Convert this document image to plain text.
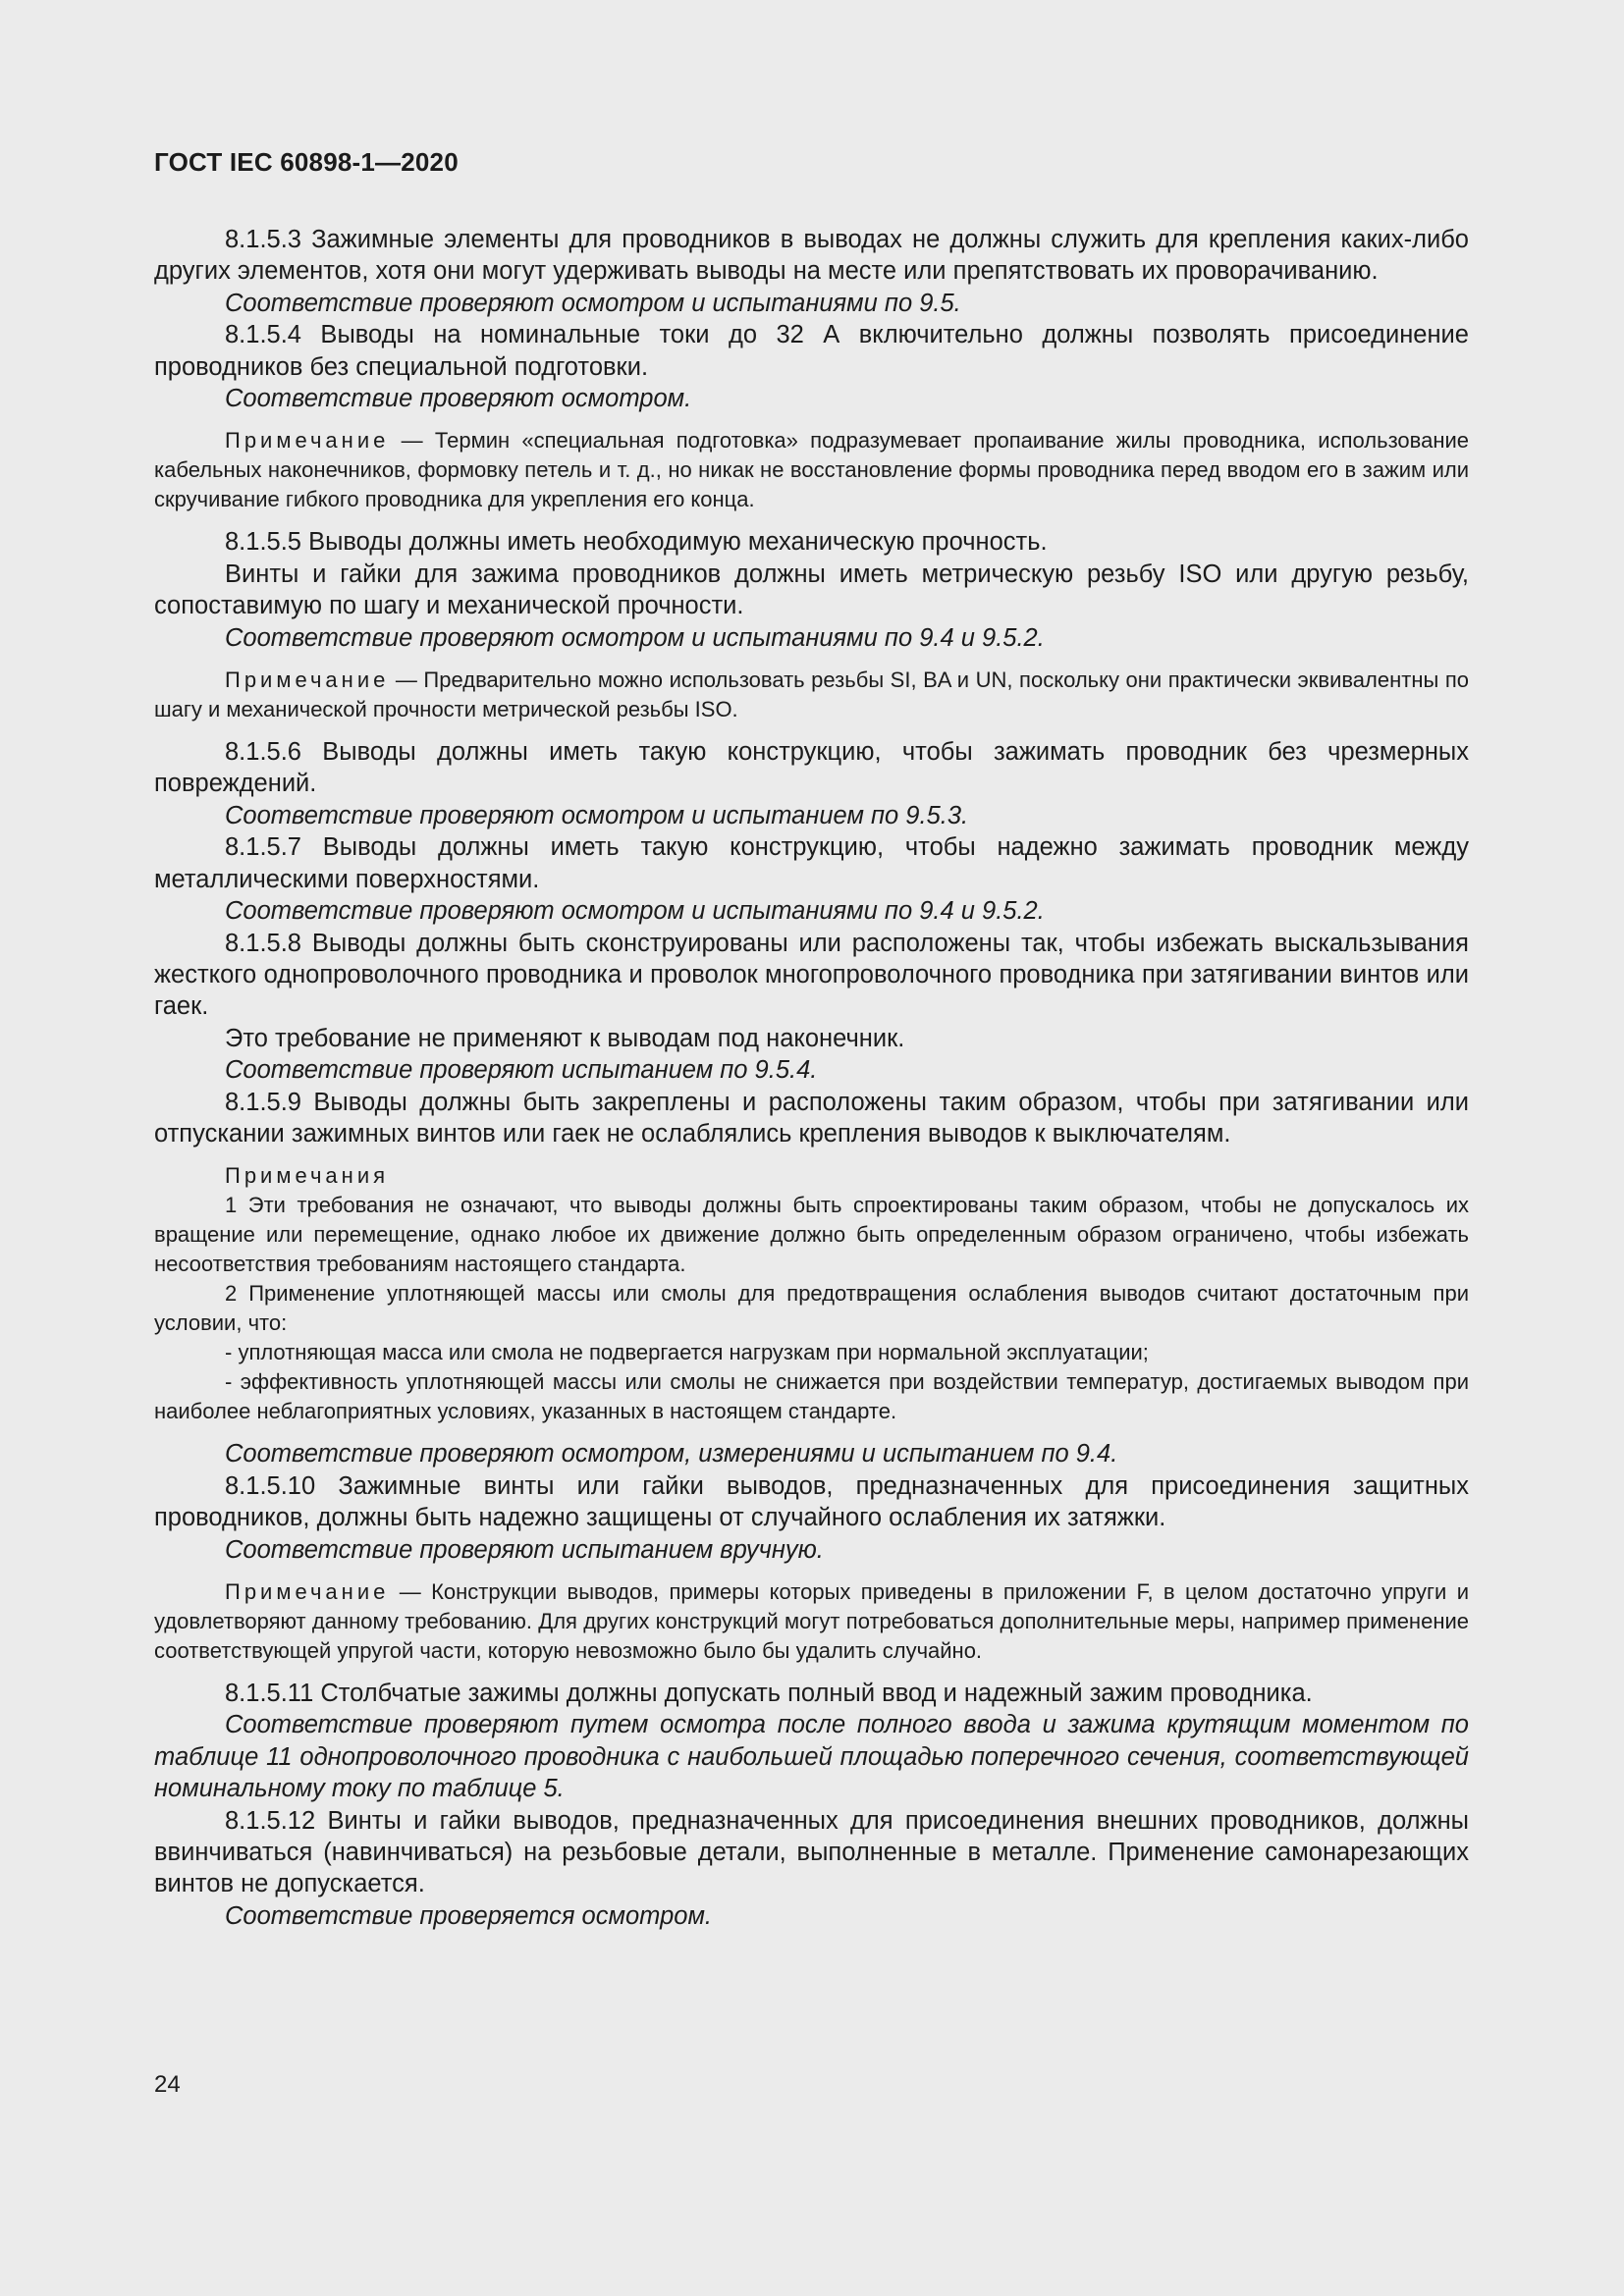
ГОСТ IEC 60898-1—2020

8.1.5.3 Зажимные элементы для проводников в выводах не должны служить для крепления каких-либо других элементов, хотя они могут удерживать выводы на месте или препятствовать их проворачиванию.

Соответствие проверяют осмотром и испытаниями по 9.5.

8.1.5.4 Выводы на номинальные токи до 32 А включительно должны позволять присоединение проводников без специальной подготовки.

Соответствие проверяют осмотром.

Примечание — Термин «специальная подготовка» подразумевает пропаивание жилы проводника, использование кабельных наконечников, формовку петель и т. д., но никак не восстановление формы проводника перед вводом его в зажим или скручивание гибкого проводника для укрепления его конца.

8.1.5.5 Выводы должны иметь необходимую механическую прочность.

Винты и гайки для зажима проводников должны иметь метрическую резьбу ISO или другую резьбу, сопоставимую по шагу и механической прочности.

Соответствие проверяют осмотром и испытаниями по 9.4 и 9.5.2.

Примечание — Предварительно можно использовать резьбы SI, BA и UN, поскольку они практически эквивалентны по шагу и механической прочности метрической резьбы ISO.

8.1.5.6 Выводы должны иметь такую конструкцию, чтобы зажимать проводник без чрезмерных повреждений.

Соответствие проверяют осмотром и испытанием по 9.5.3.

8.1.5.7 Выводы должны иметь такую конструкцию, чтобы надежно зажимать проводник между металлическими поверхностями.

Соответствие проверяют осмотром и испытаниями по 9.4 и 9.5.2.

8.1.5.8 Выводы должны быть сконструированы или расположены так, чтобы избежать выскальзывания жесткого однопроволочного проводника и проволок многопроволочного проводника при затягивании винтов или гаек.

Это требование не применяют к выводам под наконечник.

Соответствие проверяют испытанием по 9.5.4.

8.1.5.9 Выводы должны быть закреплены и расположены таким образом, чтобы при затягивании или отпускании зажимных винтов или гаек не ослаблялись крепления выводов к выключателям.

Примечания

1 Эти требования не означают, что выводы должны быть спроектированы таким образом, чтобы не допускалось их вращение или перемещение, однако любое их движение должно быть определенным образом ограничено, чтобы избежать несоответствия требованиям настоящего стандарта.

2 Применение уплотняющей массы или смолы для предотвращения ослабления выводов считают достаточным при условии, что:

- уплотняющая масса или смола не подвергается нагрузкам при нормальной эксплуатации;

- эффективность уплотняющей массы или смолы не снижается при воздействии температур, достигаемых выводом при наиболее неблагоприятных условиях, указанных в настоящем стандарте.

Соответствие проверяют осмотром, измерениями и испытанием по 9.4.

8.1.5.10 Зажимные винты или гайки выводов, предназначенных для присоединения защитных проводников, должны быть надежно защищены от случайного ослабления их затяжки.

Соответствие проверяют испытанием вручную.

Примечание — Конструкции выводов, примеры которых приведены в приложении F, в целом достаточно упруги и удовлетворяют данному требованию. Для других конструкций могут потребоваться дополнительные меры, например применение соответствующей упругой части, которую невозможно было бы удалить случайно.

8.1.5.11 Столбчатые зажимы должны допускать полный ввод и надежный зажим проводника.

Соответствие проверяют путем осмотра после полного ввода и зажима крутящим моментом по таблице 11 однопроволочного проводника с наибольшей площадью поперечного сечения, соответствующей номинальному току по таблице 5.

8.1.5.12 Винты и гайки выводов, предназначенных для присоединения внешних проводников, должны ввинчиваться (навинчиваться) на резьбовые детали, выполненные в металле. Применение самонарезающих винтов не допускается.

Соответствие проверяется осмотром.

24
